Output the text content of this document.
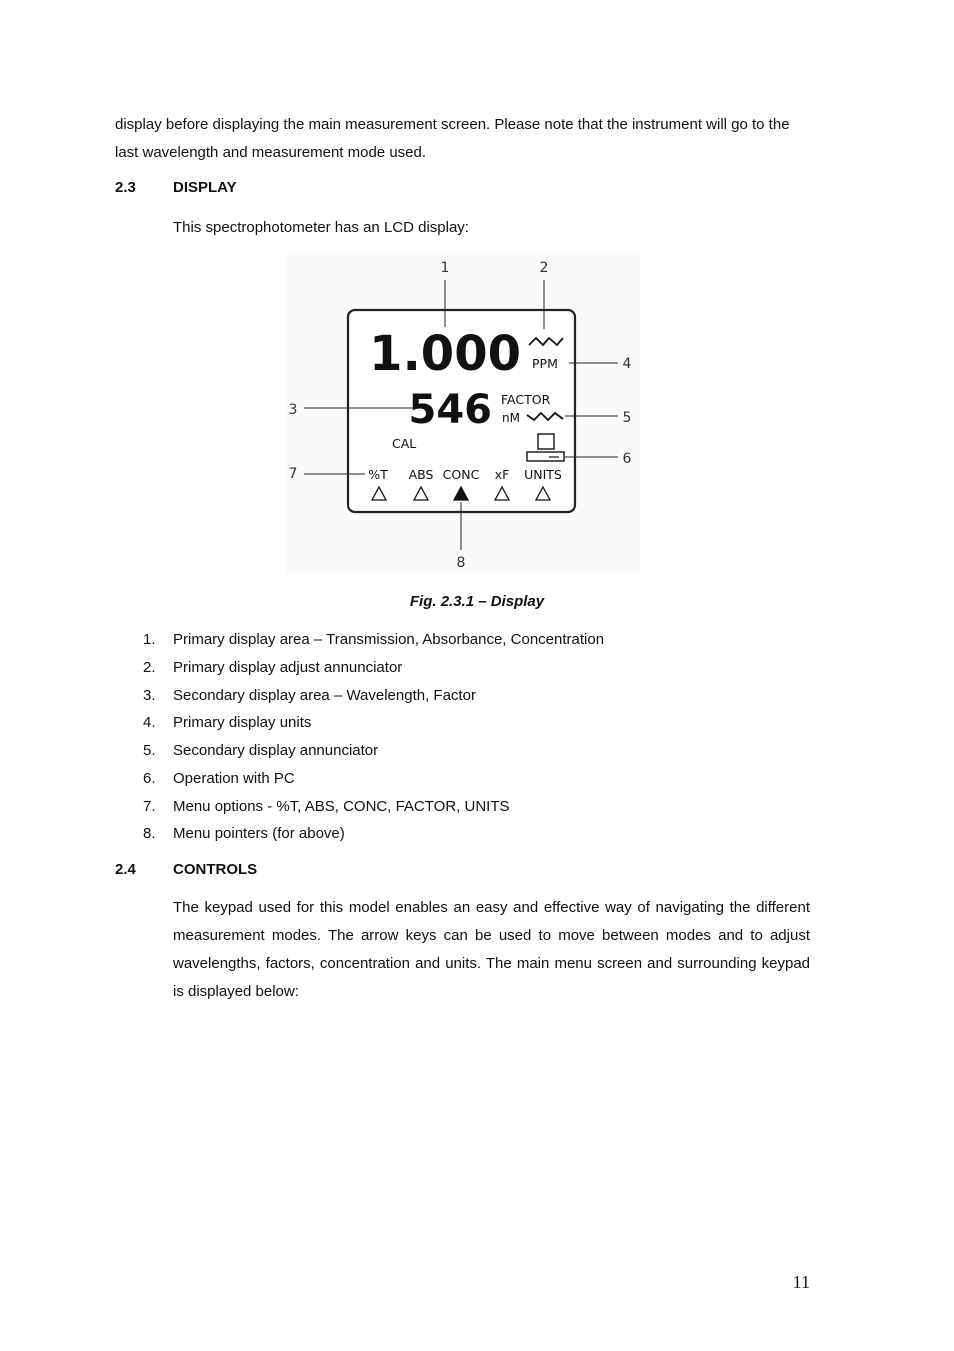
display before displaying the main measurement screen. Please note that the instrument will go to the last wavelength and measurement mode used.

2.3 DISPLAY

This spectrophotometer has an LCD display:

1.000 PPM
546 FACTOR
nM
CAL
%T ABS CONC xF UNITS
1	2
3
4
5
6
7
8
Fig. 2.3.1 – Display
1. Primary display area – Transmission, Absorbance, Concentration
2. Primary display adjust annunciator
3. Secondary display area – Wavelength, Factor
4. Primary display units
5. Secondary display annunciator
6. Operation with PC
7. Menu options - %T, ABS, CONC, FACTOR, UNITS
8. Menu pointers (for above)
2.4 CONTROLS

The keypad used for this model enables an easy and effective way of navigating the different measurement modes. The arrow keys can be used to move between modes and to adjust wavelengths, factors, concentration and units. The main menu screen and surrounding keypad is displayed below:

11
